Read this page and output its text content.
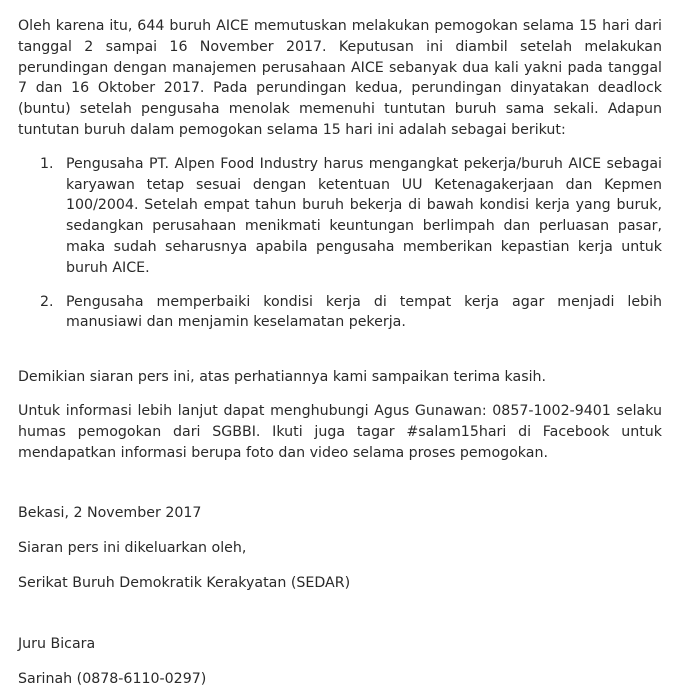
Oleh karena itu, 644 buruh AICE memutuskan melakukan pemogokan selama 15 hari dari tanggal 2 sampai 16 November 2017. Keputusan ini diambil setelah melakukan perundingan dengan manajemen perusahaan AICE sebanyak dua kali yakni pada tanggal 7 dan 16 Oktober 2017. Pada perundingan kedua, perundingan dinyatakan deadlock (buntu) setelah pengusaha menolak memenuhi tuntutan buruh sama sekali. Adapun tuntutan buruh dalam pemogokan selama 15 hari ini adalah sebagai berikut:

1. Pengusaha PT. Alpen Food Industry harus mengangkat pekerja/buruh AICE sebagai karyawan tetap sesuai dengan ketentuan UU Ketenagakerjaan dan Kepmen 100/2004. Setelah empat tahun buruh bekerja di bawah kondisi kerja yang buruk, sedangkan perusahaan menikmati keuntungan berlimpah dan perluasan pasar, maka sudah seharusnya apabila pengusaha memberikan kepastian kerja untuk buruh AICE.
2. Pengusaha memperbaiki kondisi kerja di tempat kerja agar menjadi lebih manusiawi dan menjamin keselamatan pekerja.

Demikian siaran pers ini, atas perhatiannya kami sampaikan terima kasih.

Untuk informasi lebih lanjut dapat menghubungi Agus Gunawan: 0857-1002-9401 selaku humas pemogokan dari SGBBI. Ikuti juga tagar #salam15hari di Facebook untuk mendapatkan informasi berupa foto dan video selama proses pemogokan.

Bekasi, 2 November 2017

Siaran pers ini dikeluarkan oleh,

Serikat Buruh Demokratik Kerakyatan (SEDAR)

Juru Bicara

Sarinah (0878-6110-0297)
